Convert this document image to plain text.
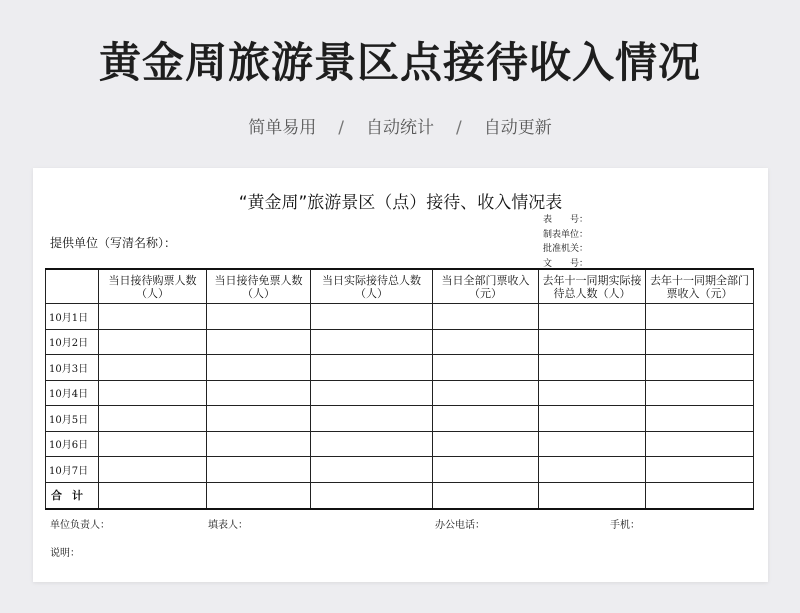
黄金周旅游景区点接待收入情况
简单易用 / 自动统计 / 自动更新
“黄金周”旅游景区（点）接待、收入情况表
提供单位（写清名称）：
表　　号：
制表单位：
批准机关：
文　　号：
	当日接待购票人数（人）	当日接待免票人数（人）	当日实际接待总人数（人）	当日全部门票收入（元）	去年十一同期实际接待总人数（人）	去年十一同期全部门票收入（元）
10月1日						
10月2日						
10月3日						
10月4日						
10月5日						
10月6日						
10月7日						
合计						
单位负责人：	填表人：	办公电话：	手机：
说明：
